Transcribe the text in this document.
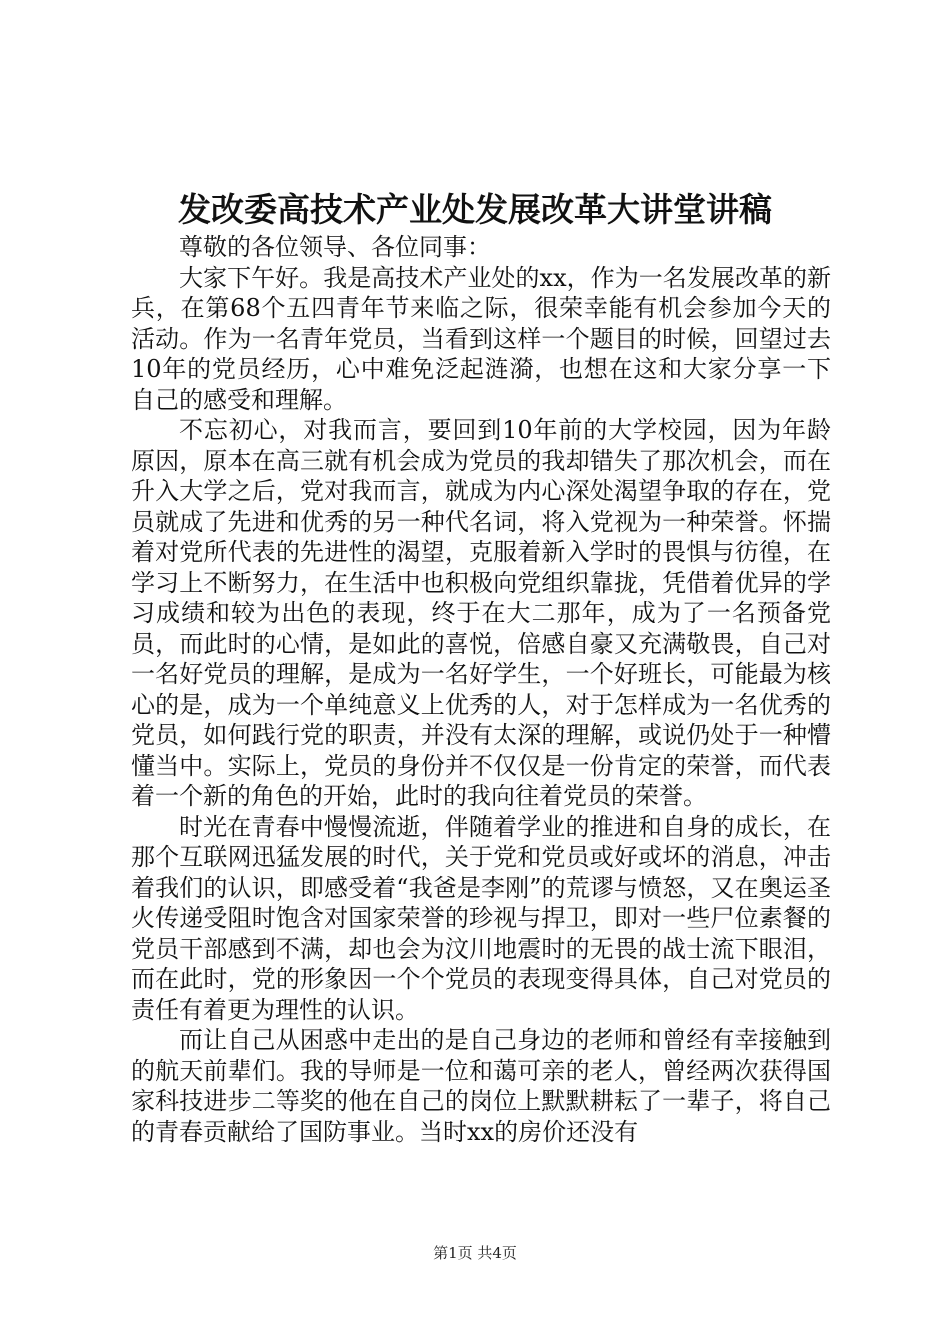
发改委高技术产业处发展改革大讲堂讲稿

尊敬的各位领导、各位同事：

大家下午好。我是高技术产业处的xx，作为一名发展改革的新兵，在第68个五四青年节来临之际，很荣幸能有机会参加今天的活动。作为一名青年党员，当看到这样一个题目的时候，回望过去10年的党员经历，心中难免泛起涟漪，也想在这和大家分享一下自己的感受和理解。

不忘初心，对我而言，要回到10年前的大学校园，因为年龄原因，原本在高三就有机会成为党员的我却错失了那次机会，而在升入大学之后，党对我而言，就成为内心深处渴望争取的存在，党员就成了先进和优秀的另一种代名词，将入党视为一种荣誉。怀揣着对党所代表的先进性的渴望，克服着新入学时的畏惧与彷徨，在学习上不断努力，在生活中也积极向党组织靠拢，凭借着优异的学习成绩和较为出色的表现，终于在大二那年，成为了一名预备党员，而此时的心情，是如此的喜悦，倍感自豪又充满敬畏，自己对一名好党员的理解，是成为一名好学生，一个好班长，可能最为核心的是，成为一个单纯意义上优秀的人，对于怎样成为一名优秀的党员，如何践行党的职责，并没有太深的理解，或说仍处于一种懵懂当中。实际上，党员的身份并不仅仅是一份肯定的荣誉，而代表着一个新的角色的开始，此时的我向往着党员的荣誉。

时光在青春中慢慢流逝，伴随着学业的推进和自身的成长，在那个互联网迅猛发展的时代，关于党和党员或好或坏的消息，冲击着我们的认识，即感受着“我爸是李刚”的荒谬与愤怒，又在奥运圣火传递受阻时饱含对国家荣誉的珍视与捍卫，即对一些尸位素餐的党员干部感到不满，却也会为汶川地震时的无畏的战士流下眼泪，而在此时，党的形象因一个个党员的表现变得具体，自己对党员的责任有着更为理性的认识。

而让自己从困惑中走出的是自己身边的老师和曾经有幸接触到的航天前辈们。我的导师是一位和蔼可亲的老人，曾经两次获得国家科技进步二等奖的他在自己的岗位上默默耕耘了一辈子，将自己的青春贡献给了国防事业。当时xx的房价还没有

第1页 共4页
